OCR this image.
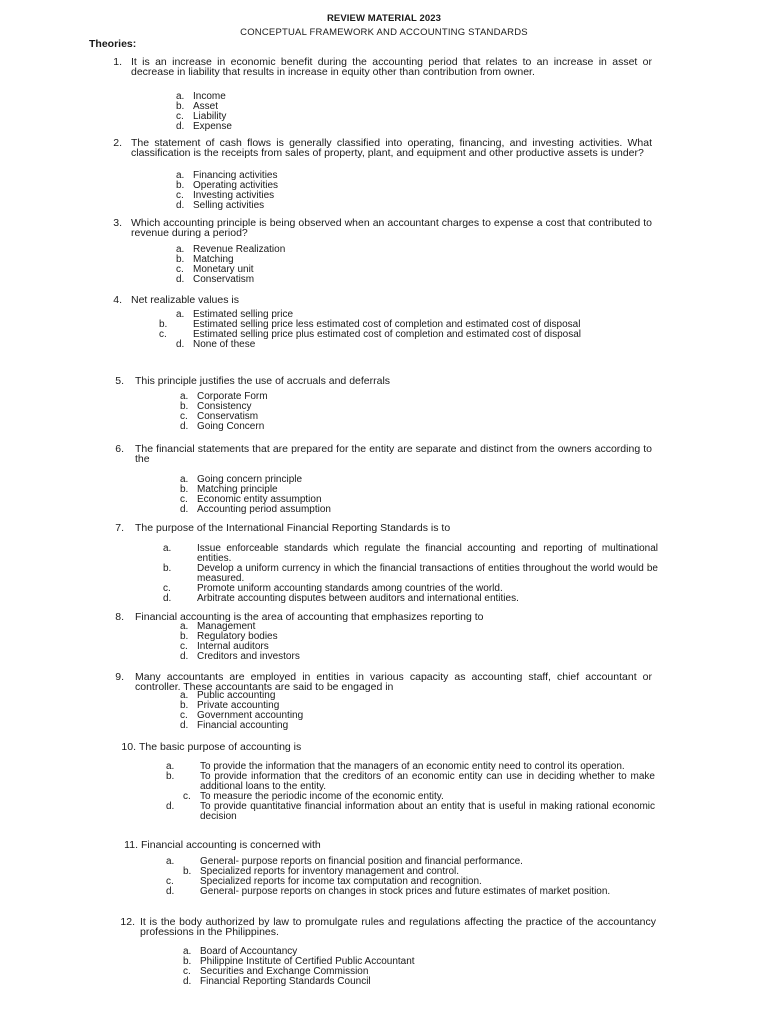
REVIEW MATERIAL 2023
CONCEPTUAL FRAMEWORK AND ACCOUNTING STANDARDS
Theories:
1. It is an increase in economic benefit during the accounting period that relates to an increase in asset or decrease in liability that results in increase in equity other than contribution from owner.
a. Income
b. Asset
c. Liability
d. Expense
2. The statement of cash flows is generally classified into operating, financing, and investing activities. What classification is the receipts from sales of property, plant, and equipment and other productive assets is under?
a. Financing activities
b. Operating activities
c. Investing activities
d. Selling activities
3. Which accounting principle is being observed when an accountant charges to expense a cost that contributed to revenue during a period?
a. Revenue Realization
b. Matching
c. Monetary unit
d. Conservatism
4. Net realizable values is
a. Estimated selling price
b.	Estimated selling price less estimated cost of completion and estimated cost of disposal
c.	Estimated selling price plus estimated cost of completion and estimated cost of disposal
d. None of these
5. This principle justifies the use of accruals and deferrals
a. Corporate Form
b. Consistency
c. Conservatism
d. Going Concern
6. The financial statements that are prepared for the entity are separate and distinct from the owners according to the
a. Going concern principle
b. Matching principle
c. Economic entity assumption
d. Accounting period assumption
7. The purpose of the International Financial Reporting Standards is to
a.	Issue enforceable standards which regulate the financial accounting and reporting of multinational entities.
b.	Develop a uniform currency in which the financial transactions of entities throughout the world would be measured.
c.	Promote uniform accounting standards among countries of the world.
d.	Arbitrate accounting disputes between auditors and international entities.
8. Financial accounting is the area of accounting that emphasizes reporting to
a. Management
b. Regulatory bodies
c. Internal auditors
d. Creditors and investors
9. Many accountants are employed in entities in various capacity as accounting staff, chief accountant or controller. These accountants are said to be engaged in
a. Public accounting
b. Private accounting
c. Government accounting
d. Financial accounting
10. The basic purpose of accounting is
a.	To provide the information that the managers of an economic entity need to control its operation.
b.	To provide information that the creditors of an economic entity can use in deciding whether to make additional loans to the entity.
c. To measure the periodic income of the economic entity.
d.	To provide quantitative financial information about an entity that is useful in making rational economic decision
11. Financial accounting is concerned with
a.	General- purpose reports on financial position and financial performance.
b. Specialized reports for inventory management and control.
c.	Specialized reports for income tax computation and recognition.
d.	General- purpose reports on changes in stock prices and future estimates of market position.
12. It is the body authorized by law to promulgate rules and regulations affecting the practice of the accountancy professions in the Philippines.
a. Board of Accountancy
b. Philippine Institute of Certified Public Accountant
c. Securities and Exchange Commission
d. Financial Reporting Standards Council
